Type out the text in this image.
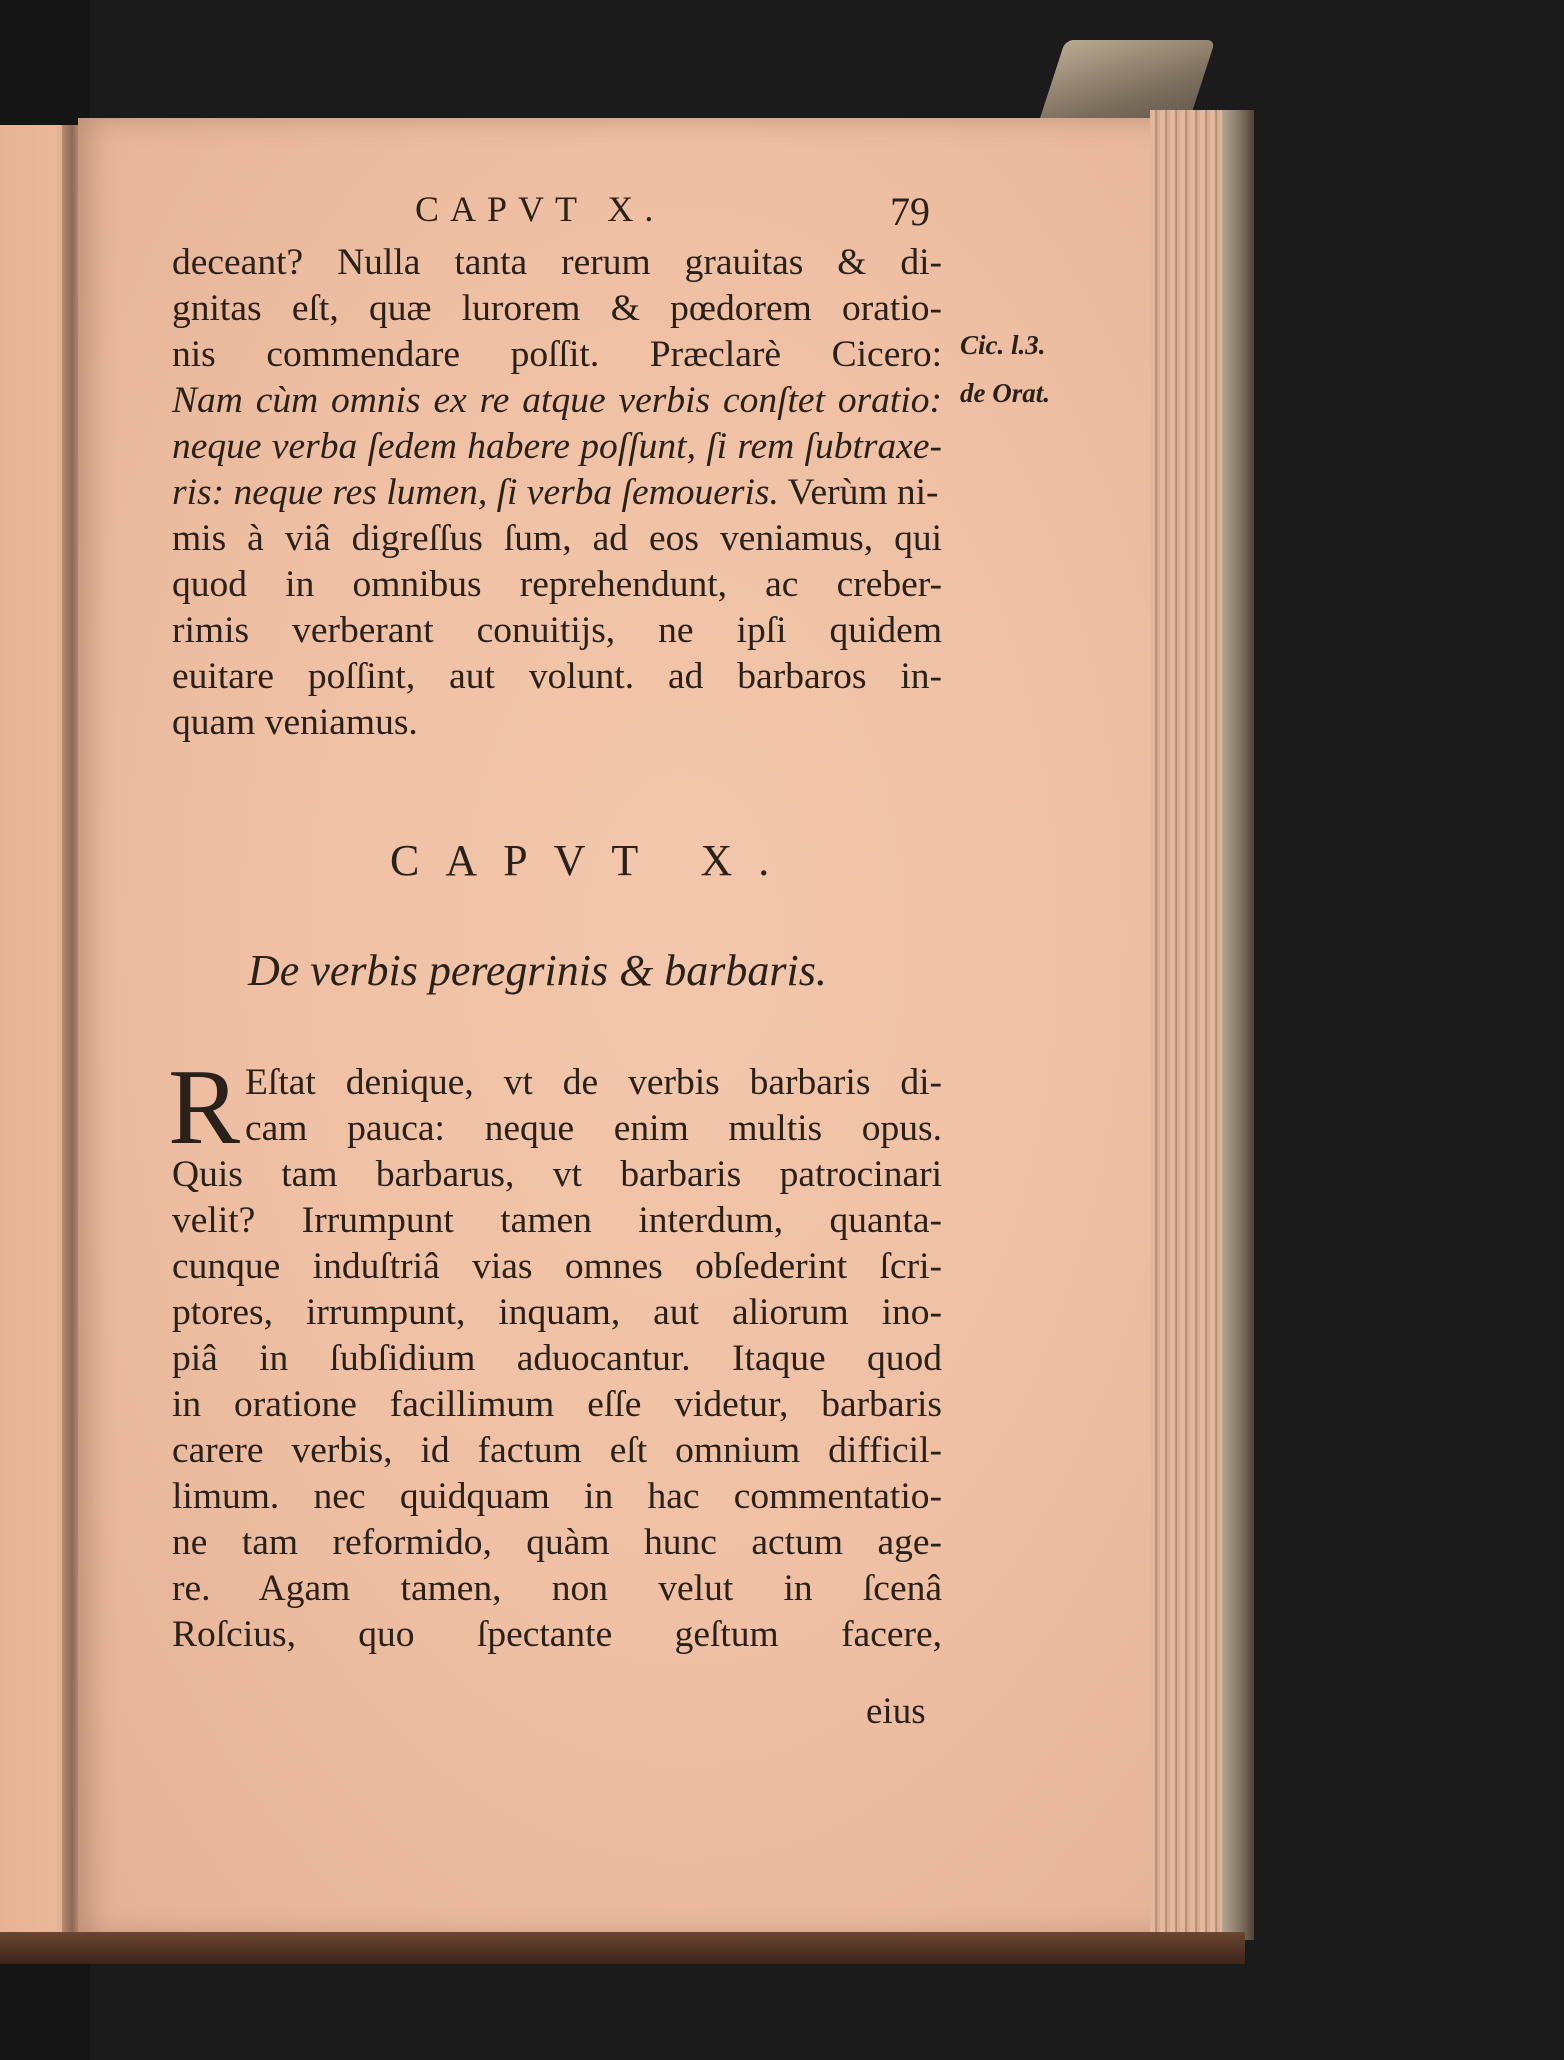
CAPVT X.	79
deceant? Nulla tanta rerum grauitas & di-
gnitas eſt, quæ lurorem & pœdorem oratio-
nis commendare poſſit. Præclarè Cicero:
Nam cùm omnis ex re atque verbis conſtet oratio:
neque verba ſedem habere poſſunt, ſi rem ſubtraxe-
ris: neque res lumen, ſi verba ſemoueris. Verùm ni-
mis à viâ digreſſus ſum, ad eos veniamus, qui
quod in omnibus reprehendunt, ac creber-
rimis verberant conuitijs, ne ipſi quidem
euitare poſſint, aut volunt. ad barbaros in-
quam veniamus.
Cic. l.3.
de Orat.
CAPVT X.
De verbis peregrinis & barbaris.
R Eſtat denique, vt de verbis barbaris di-
cam pauca: neque enim multis opus.
Quis tam barbarus, vt barbaris patrocinari
velit? Irrumpunt tamen interdum, quanta-
cunque induſtriâ vias omnes obſederint ſcri-
ptores, irrumpunt, inquam, aut aliorum ino-
piâ in ſubſidium aduocantur. Itaque quod
in oratione facillimum eſſe videtur, barbaris
carere verbis, id factum eſt omnium difficil-
limum. nec quidquam in hac commentatio-
ne tam reformido, quàm hunc actum age-
re. Agam tamen, non velut in ſcenâ
Roſcius, quo ſpectante geſtum facere,
eius
